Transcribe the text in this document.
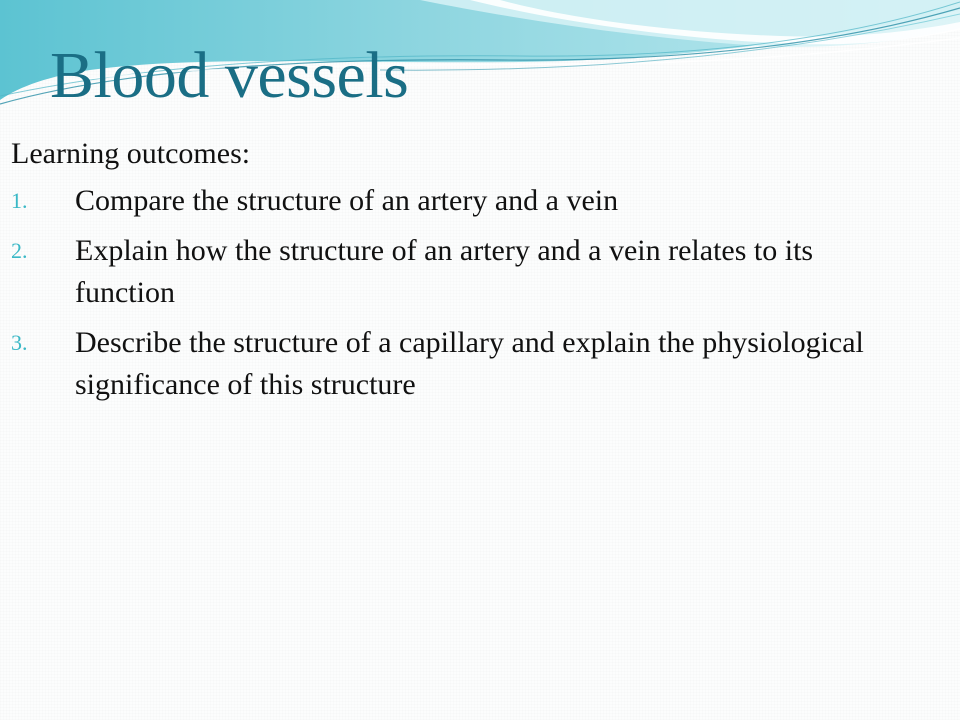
Blood vessels

Learning outcomes:

1.	Compare the structure of an artery and a vein
2.	Explain how the structure of an artery and a vein relates to its function
3.	Describe the structure of a capillary and explain the physiological significance of this structure
